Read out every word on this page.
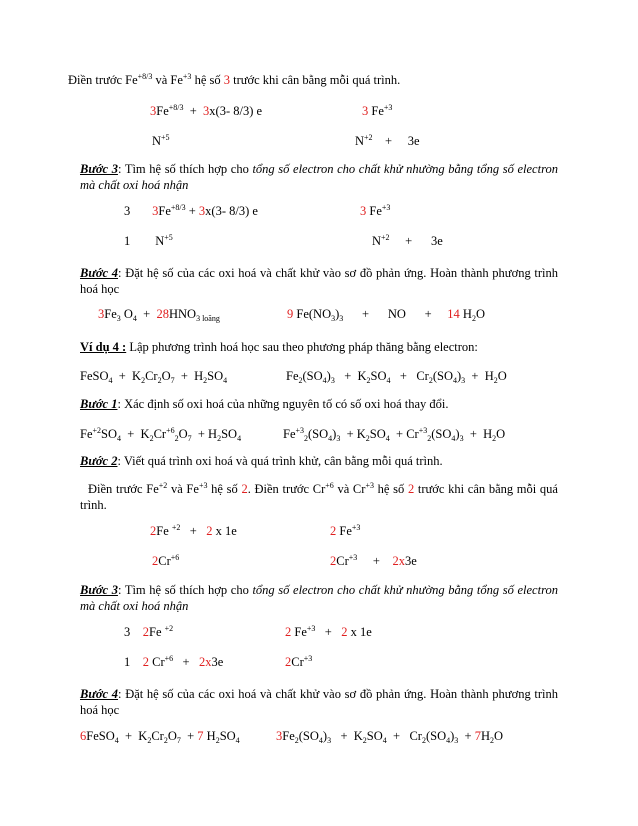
Điền trước $Fe^{+8/3}$ và $Fe^{+3}$ hệ số 3 trước khi cân bằng mỗi quá trình.
$3Fe^{+8/3} + 3x(3-$ 8/3) e	3 $Fe^{+3}$
$N^{+5}$	$N^{+2}$    +     3e
Bước 3: Tìm hệ số thích hợp cho tổng số electron cho chất khử nhường bằng tổng số electron mà chất oxi hoá nhận
3       $3Fe^{+8/3} + 3x(3-$ 8/3) e	3 $Fe^{+3}$
1        $N^{+5}$	$N^{+2}$     +      3e
Bước 4: Đặt hệ số của các oxi hoá và chất khử vào sơ đồ phản ứng. Hoàn thành phương trình hoá học
$3Fe_3$ $O_4 + 28HNO_{3 loãng}$	9 $Fe(NO_3)_3$      +      NO      +     14 $H_2O$
Ví dụ 4 : Lập phương trình hoá học sau theo phương pháp thăng bằng electron:
FeSO$_4$  +  $K_2Cr_2O_7 + H_2SO_4$	$Fe_2(SO_4)_3 + K_2SO_4 + Cr_2(SO_4)_3 + H_2O$
Bước 1: Xác định số oxi hoá của những nguyên tố có số oxi hoá thay đổi.
$Fe^{+2}SO_4 + K_2Cr^{+6}_2O_7 + H_2SO_4$	$Fe^{+3}_2(SO_4)_3 + K_2SO_4 + Cr^{+3}_2(SO_4)_3 + H_2O$
Bước 2: Viết quá trình oxi hoá và quá trình khử, cân bằng mỗi quá trình.
Điền trước $Fe^{+2}$ và $Fe^{+3}$ hệ số 2. Điền trước $Cr^{+6}$ và $Cr^{+3}$ hệ số 2 trước khi cân bằng mỗi quá trình.
2Fe $^{+2}$   +   2 x 1e	2 $Fe^{+3}$
$2Cr^{+6}$	$2Cr^{+3}$     +    2x3e
Bước 3: Tìm hệ số thích hợp cho tổng số electron cho chất khử nhường bằng tổng số electron mà chất oxi hoá nhận
3    2Fe $^{+2}$	2 $Fe^{+3} + 2$ x 1e
1    2 $Cr^{+6} + 2x3e$	$2Cr^{+3}$
Bước 4: Đặt hệ số của các oxi hoá và chất khử vào sơ đồ phản ứng. Hoàn thành phương trình hoá học
6FeSO$_4$  +  $K_2Cr_2O_7 + 7$ $H_2SO_4$	$3Fe_2(SO_4)_3 + K_2SO_4 + Cr_2(SO_4)_3 + 7H_2O$
